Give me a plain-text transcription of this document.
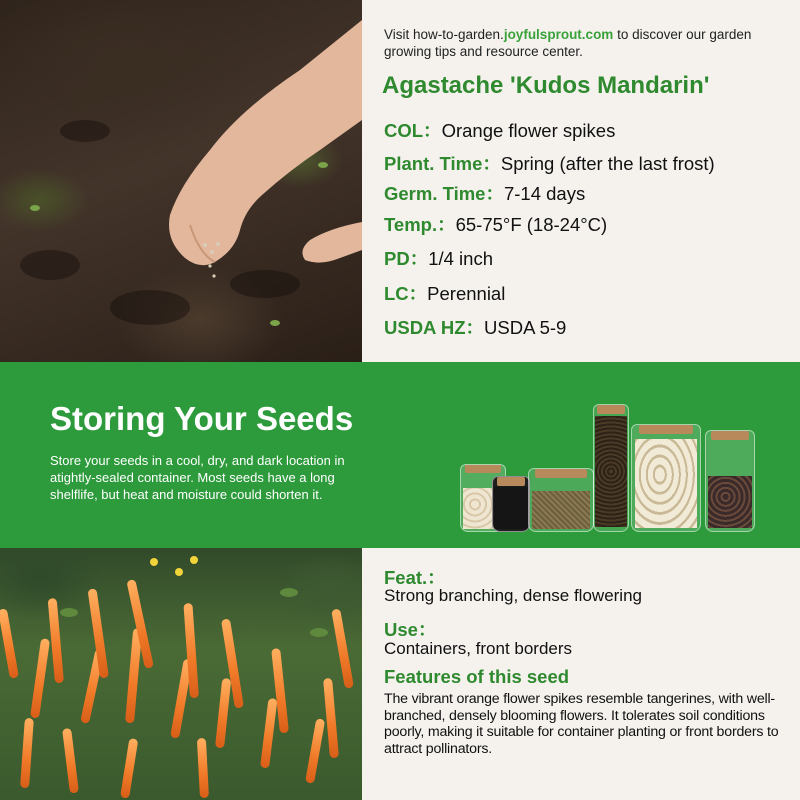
Visit how-to-garden.joyfulsprout.com to discover our garden growing tips and resource center.
Agastache 'Kudos Mandarin'
COL：Orange flower spikes
Plant. Time：Spring (after the last frost)
Germ. Time：7-14 days
Temp.：65-75°F (18-24°C)
PD：1/4 inch
LC：Perennial
USDA HZ：USDA 5-9
Storing Your Seeds
Store your seeds in a cool, dry, and dark location in atightly-sealed container. Most seeds have a long shelflife, but heat and moisture could shorten it.
Feat.：
Strong branching, dense flowering
Use：
Containers, front borders
Features of this seed
The vibrant orange flower spikes resemble tangerines, with well-branched, densely blooming flowers. It tolerates soil conditions poorly, making it suitable for container planting or front borders to attract pollinators.
